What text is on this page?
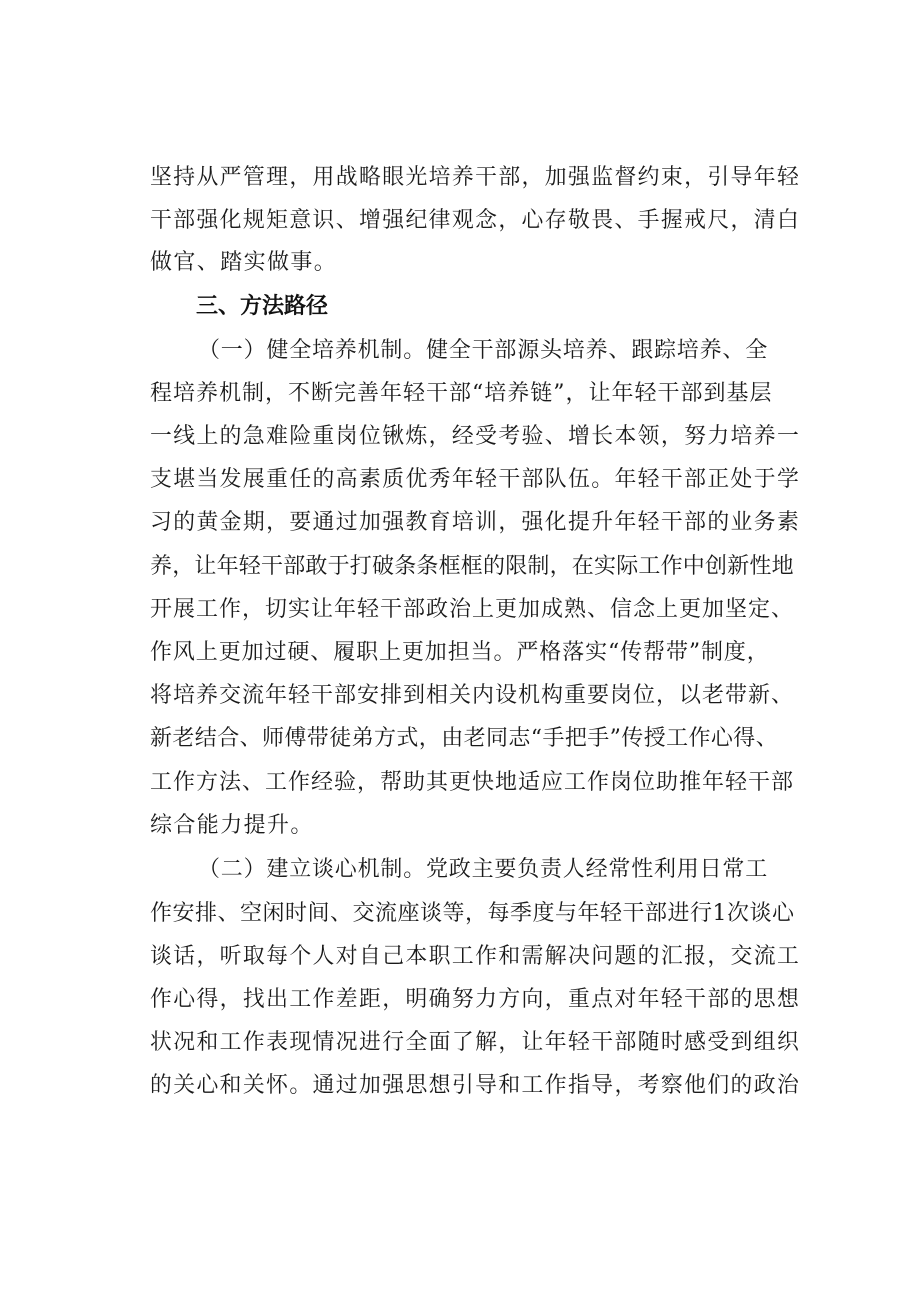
坚持从严管理，用战略眼光培养干部，加强监督约束，引导年轻
干部强化规矩意识、增强纪律观念，心存敬畏、手握戒尺，清白
做官、踏实做事。
三、方法路径
（一）健全培养机制。健全干部源头培养、跟踪培养、全
程培养机制，不断完善年轻干部“培养链”，让年轻干部到基层
一线上的急难险重岗位锹炼，经受考验、增长本领，努力培养一
支堪当发展重任的高素质优秀年轻干部队伍。年轻干部正处于学
习的黄金期，要通过加强教育培训，强化提升年轻干部的业务素
养，让年轻干部敢于打破条条框框的限制，在实际工作中创新性地
开展工作，切实让年轻干部政治上更加成熟、信念上更加坚定、
作风上更加过硬、履职上更加担当。严格落实“传帮带”制度，
将培养交流年轻干部安排到相关内设机构重要岗位，以老带新、
新老结合、师傅带徒弟方式，由老同志“手把手”传授工作心得、
工作方法、工作经验，帮助其更快地适应工作岗位助推年轻干部
综合能力提升。
（二）建立谈心机制。党政主要负责人经常性利用日常工
作安排、空闲时间、交流座谈等，每季度与年轻干部进行1次谈心
谈话，听取每个人对自己本职工作和需解决问题的汇报，交流工
作心得，找出工作差距，明确努力方向，重点对年轻干部的思想
状况和工作表现情况进行全面了解，让年轻干部随时感受到组织
的关心和关怀。通过加强思想引导和工作指导，考察他们的政治
